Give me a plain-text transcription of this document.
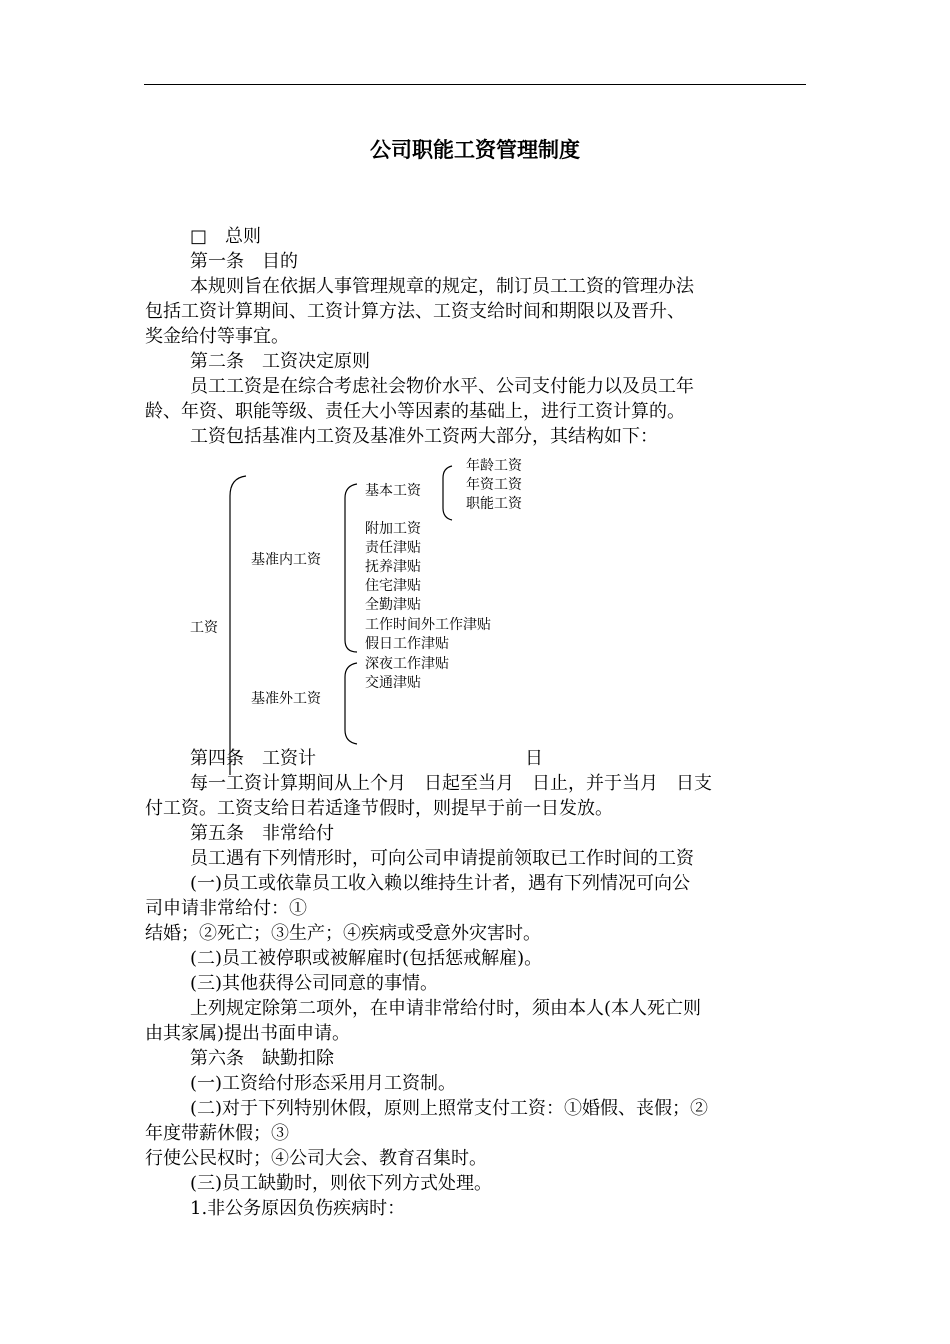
公司职能工资管理制度
□　总则
第一条　目的
本规则旨在依据人事管理规章的规定，制订员工工资的管理办法
包括工资计算期间、工资计算方法、工资支给时间和期限以及晋升、
奖金给付等事宜。
第二条　工资决定原则
员工工资是在综合考虑社会物价水平、公司支付能力以及员工年
龄、年资、职能等级、责任大小等因素的基础上，进行工资计算的。
工资包括基准内工资及基准外工资两大部分，其结构如下：
工资
基准内工资
基准外工资
基本工资
年龄工资
年资工资
职能工资
附加工资
责任津贴
抚养津贴
住宅津贴
全勤津贴
工作时间外工作津贴
假日工作津贴
深夜工作津贴
交通津贴
第四条　工资计	日
每一工资计算期间从上个月　日起至当月　日止，并于当月　日支
付工资。工资支给日若适逢节假时，则提早于前一日发放。
第五条　非常给付
员工遇有下列情形时，可向公司申请提前领取已工作时间的工资
(一)员工或依靠员工收入赖以维持生计者，遇有下列情况可向公
司申请非常给付：①
结婚；②死亡；③生产；④疾病或受意外灾害时。
(二)员工被停职或被解雇时(包括惩戒解雇)。
(三)其他获得公司同意的事情。
上列规定除第二项外，在申请非常给付时，须由本人(本人死亡则
由其家属)提出书面申请。
第六条　缺勤扣除
(一)工资给付形态采用月工资制。
(二)对于下列特别休假，原则上照常支付工资：①婚假、丧假；②
年度带薪休假；③
行使公民权时；④公司大会、教育召集时。
(三)员工缺勤时，则依下列方式处理。
1.非公务原因负伤疾病时：
